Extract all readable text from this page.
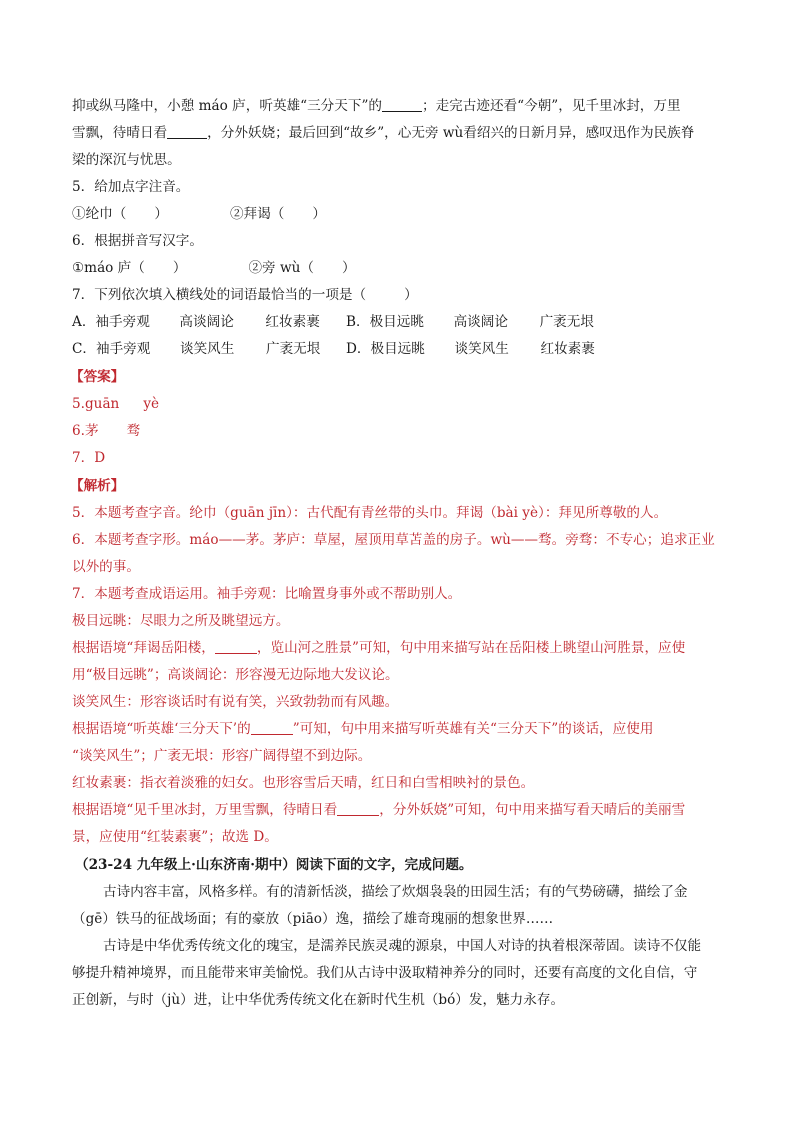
抑或纵马隆中，小憩 máo 庐，听英雄“三分天下”的	；走完古迹还看“今朝”，见千里冰封，万里
雪飘，待晴日看	，分外妖娆；最后回到“故乡”，心无旁 wù看绍兴的日新月异，感叹迅作为民族脊
梁的深沉与忧思。
5．给加点字注音。
①纶巾（ ）	②拜谒（ ）
6．根据拼音写汉字。
①máo 庐（ ）	②旁 wù（ ）
7．下列依次填入横线处的词语最恰当的一项是（	）
A．袖手旁观 高谈阔论 红妆素裹 B．极目远眺 高谈阔论 广袤无垠
C．袖手旁观 谈笑风生 广袤无垠 D．极目远眺 谈笑风生 红妆素裹
【答案】
5.guān yè
6.茅 骛
7．D
【解析】
5．本题考查字音。纶巾（guān jīn）：古代配有青丝带的头巾。拜谒（bài yè）：拜见所尊敬的人。
6．本题考查字形。máo——茅。茅庐：草屋，屋顶用草苫盖的房子。wù——骛。旁骛：不专心；追求正业
以外的事。
7．本题考查成语运用。袖手旁观：比喻置身事外或不帮助别人。
极目远眺：尽眼力之所及眺望远方。
根据语境“拜谒岳阳楼，	，览山河之胜景”可知，句中用来描写站在岳阳楼上眺望山河胜景，应使
用“极目远眺”；高谈阔论：形容漫无边际地大发议论。
谈笑风生：形容谈话时有说有笑，兴致勃勃而有风趣。
根据语境“听英雄‘三分天下’的	”可知，句中用来描写听英雄有关“三分天下”的谈话，应使用
“谈笑风生”；广袤无垠：形容广阔得望不到边际。
红妆素裹：指衣着淡雅的妇女。也形容雪后天晴，红日和白雪相映衬的景色。
根据语境“见千里冰封，万里雪飘，待晴日看	，分外妖娆”可知，句中用来描写看天晴后的美丽雪
景，应使用“红装素裹”；故选 D。
（23-24 九年级上·山东济南·期中）阅读下面的文字，完成问题。
古诗内容丰富，风格多样。有的清新恬淡，描绘了炊烟袅袅的田园生活；有的气势磅礴，描绘了金
（gē）铁马的征战场面；有的豪放（piāo）逸，描绘了雄奇瑰丽的想象世界……
古诗是中华优秀传统文化的瑰宝，是濡养民族灵魂的源泉，中国人对诗的执着根深蒂固。读诗不仅能
够提升精神境界，而且能带来审美愉悦。我们从古诗中汲取精神养分的同时，还要有高度的文化自信，守
正创新，与时（jù）进，让中华优秀传统文化在新时代生机（bó）发，魅力永存。
